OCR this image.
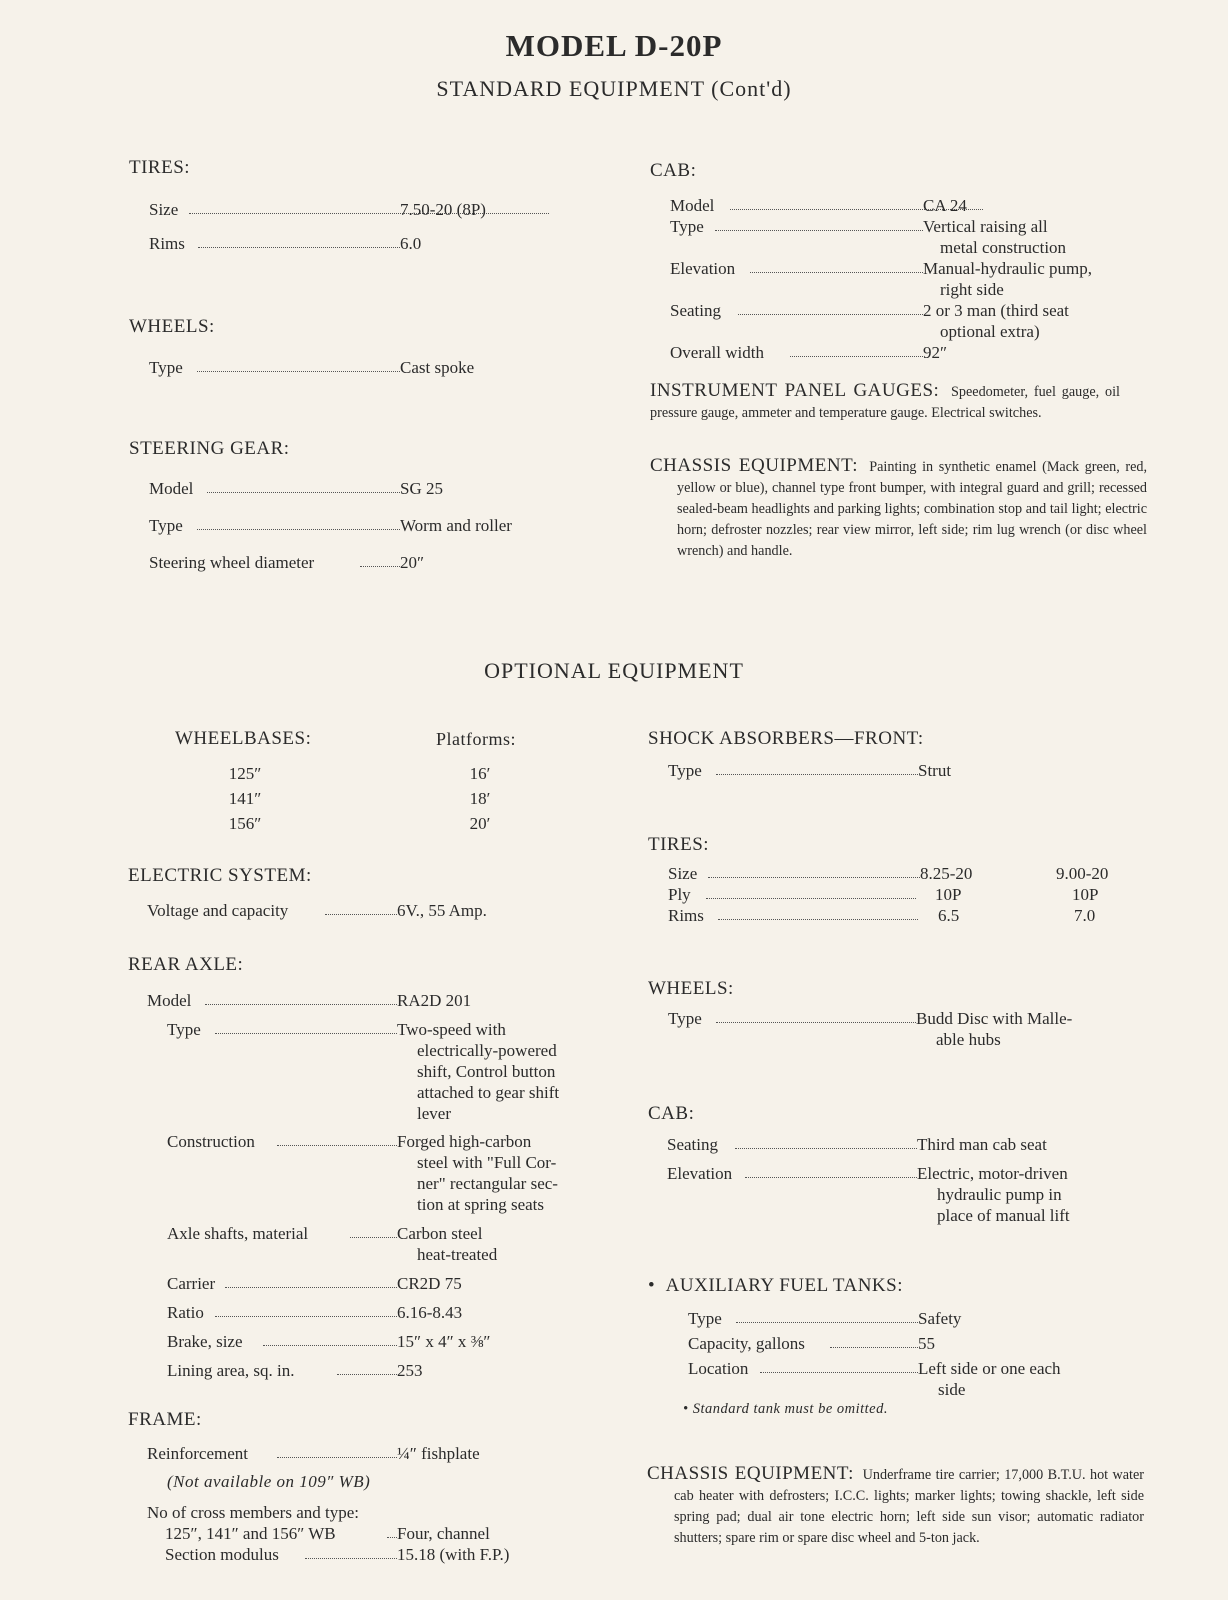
MODEL D-20P
STANDARD EQUIPMENT (Cont'd)
TIRES:
Size	7.50-20 (8P)
Rims	6.0
WHEELS:
Type	Cast spoke
STEERING GEAR:
Model	SG 25
Type	Worm and roller
Steering wheel diameter	20″
CAB:
Model	CA 24
Type	Vertical raising all
metal construction
Elevation	Manual-hydraulic pump,
right side
Seating	2 or 3 man (third seat
optional extra)
Overall width	92″
INSTRUMENT PANEL GAUGES: Speedometer, fuel gauge, oil pressure gauge, ammeter and temperature gauge. Electrical switches.
CHASSIS EQUIPMENT: Painting in synthetic enamel (Mack green, red, yellow or blue), channel type front bumper, with integral guard and grill; recessed sealed-beam headlights and parking lights; combination stop and tail light; electric horn; defroster nozzles; rear view mirror, left side; rim lug wrench (or disc wheel wrench) and handle.
OPTIONAL EQUIPMENT
WHEELBASES:	Platforms:
125″	16′
141″	18′
156″	20′
ELECTRIC SYSTEM:
Voltage and capacity	6V., 55 Amp.
REAR AXLE:
Model	RA2D 201
Type	Two-speed with
electrically-powered
shift, Control button
attached to gear shift
lever
Construction	Forged high-carbon
steel with "Full Cor-
ner" rectangular sec-
tion at spring seats
Axle shafts, material	Carbon steel
heat-treated
Carrier	CR2D 75
Ratio	6.16-8.43
Brake, size	15″ x 4″ x ⅜″
Lining area, sq. in.	253
FRAME:
Reinforcement	¼″ fishplate
(Not available on 109″ WB)
No of cross members and type:
125″, 141″ and 156″ WB	Four, channel
Section modulus	15.18 (with F.P.)
SHOCK ABSORBERS—FRONT:
Type	Strut
TIRES:
Size	8.25-20	9.00-20
Ply	10P	10P
Rims	6.5	7.0
WHEELS:
Type	Budd Disc with Malle-
able hubs
CAB:
Seating	Third man cab seat
Elevation	Electric, motor-driven
hydraulic pump in
place of manual lift
• AUXILIARY FUEL TANKS:
Type	Safety
Capacity, gallons	55
Location	Left side or one each
side
• Standard tank must be omitted.
CHASSIS EQUIPMENT: Underframe tire carrier; 17,000 B.T.U. hot water cab heater with defrosters; I.C.C. lights; marker lights; towing shackle, left side spring pad; dual air tone electric horn; left side sun visor; automatic radiator shutters; spare rim or spare disc wheel and 5-ton jack.
